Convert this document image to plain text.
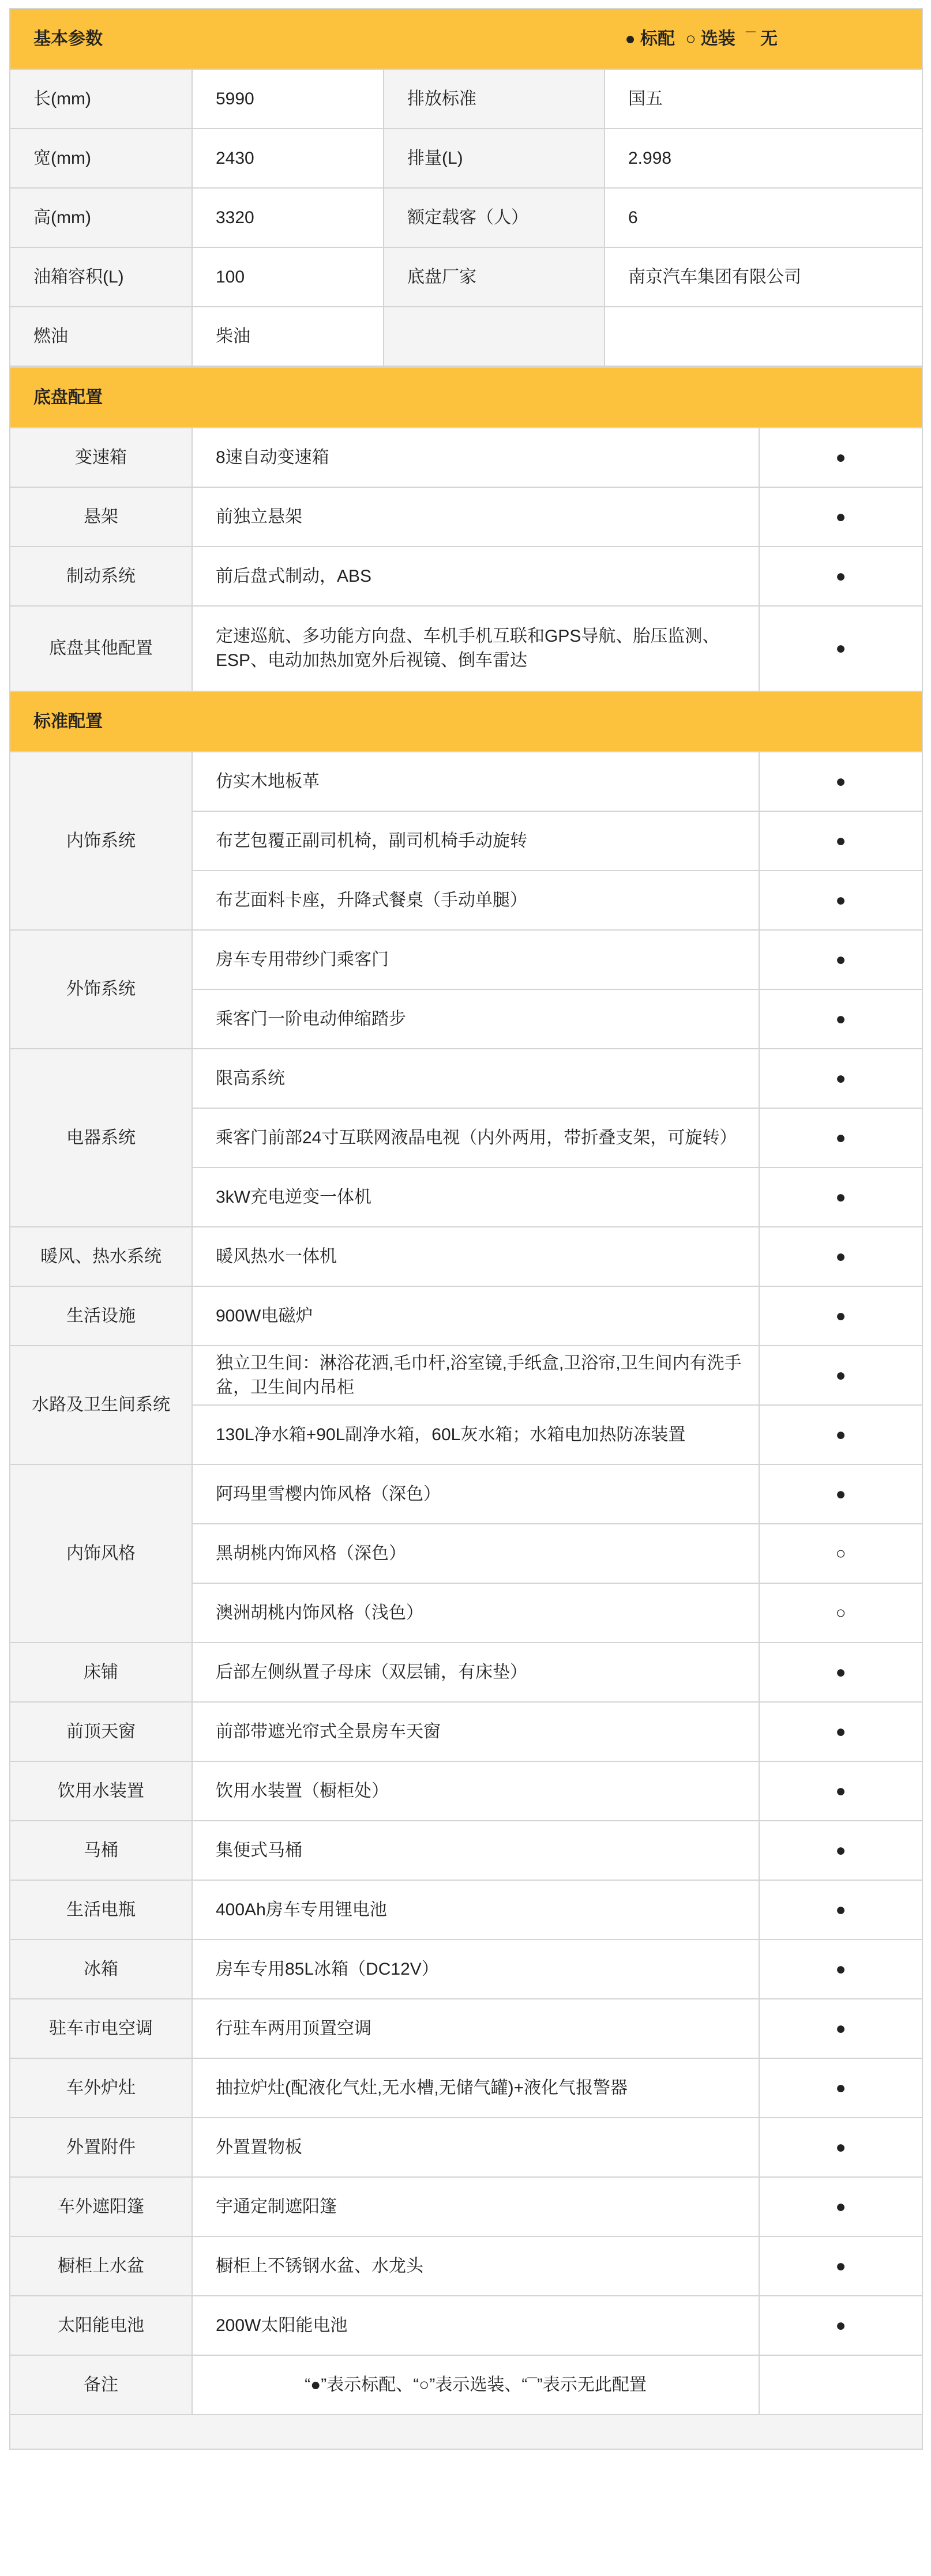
基本参数 ● 标配 ○ 选装 ¯ 无			

长(mm)	5990	排放标准	国五
宽(mm)	2430	排量(L)	2.998
高(mm)	3320	额定载客（人）	6
油箱容积(L)	100	底盘厂家	南京汽车集团有限公司
燃油	柴油		
底盘配置		
变速箱	8速自动变速箱	●
悬架	前独立悬架	●
制动系统	前后盘式制动，ABS	●
底盘其他配置	定速巡航、多功能方向盘、车机手机互联和GPS导航、胎压监测、ESP、电动加热加宽外后视镜、倒车雷达	●
标准配置		
内饰系统	仿实木地板革	●
	布艺包覆正副司机椅，副司机椅手动旋转	●
	布艺面料卡座，升降式餐桌（手动单腿）	●
外饰系统	房车专用带纱门乘客门	●
	乘客门一阶电动伸缩踏步	●
电器系统	限高系统	●
	乘客门前部24寸互联网液晶电视（内外两用，带折叠支架，可旋转）	●
	3kW充电逆变一体机	●
暖风、热水系统	暖风热水一体机	●
生活设施	900W电磁炉	●
水路及卫生间系统	独立卫生间：淋浴花洒,毛巾杆,浴室镜,手纸盒,卫浴帘,卫生间内有洗手盆，卫生间内吊柜	●
	130L净水箱+90L副净水箱，60L灰水箱；水箱电加热防冻装置	●
内饰风格	阿玛里雪樱内饰风格（深色）	●
	黑胡桃内饰风格（深色）	○
	澳洲胡桃内饰风格（浅色）	○
床铺	后部左侧纵置子母床（双层铺，有床垫）	●
前顶天窗	前部带遮光帘式全景房车天窗	●
饮用水装置	饮用水装置（橱柜处）	●
马桶	集便式马桶	●
生活电瓶	400Ah房车专用锂电池	●
冰箱	房车专用85L冰箱（DC12V）	●
驻车市电空调	行驻车两用顶置空调	●
车外炉灶	抽拉炉灶(配液化气灶,无水槽,无储气罐)+液化气报警器	●
外置附件	外置置物板	●
车外遮阳篷	宇通定制遮阳篷	●
橱柜上水盆	橱柜上不锈钢水盆、水龙头	●
太阳能电池	200W太阳能电池	●
备注	“●”表示标配、“○”表示选装、“¯”表示无此配置	
